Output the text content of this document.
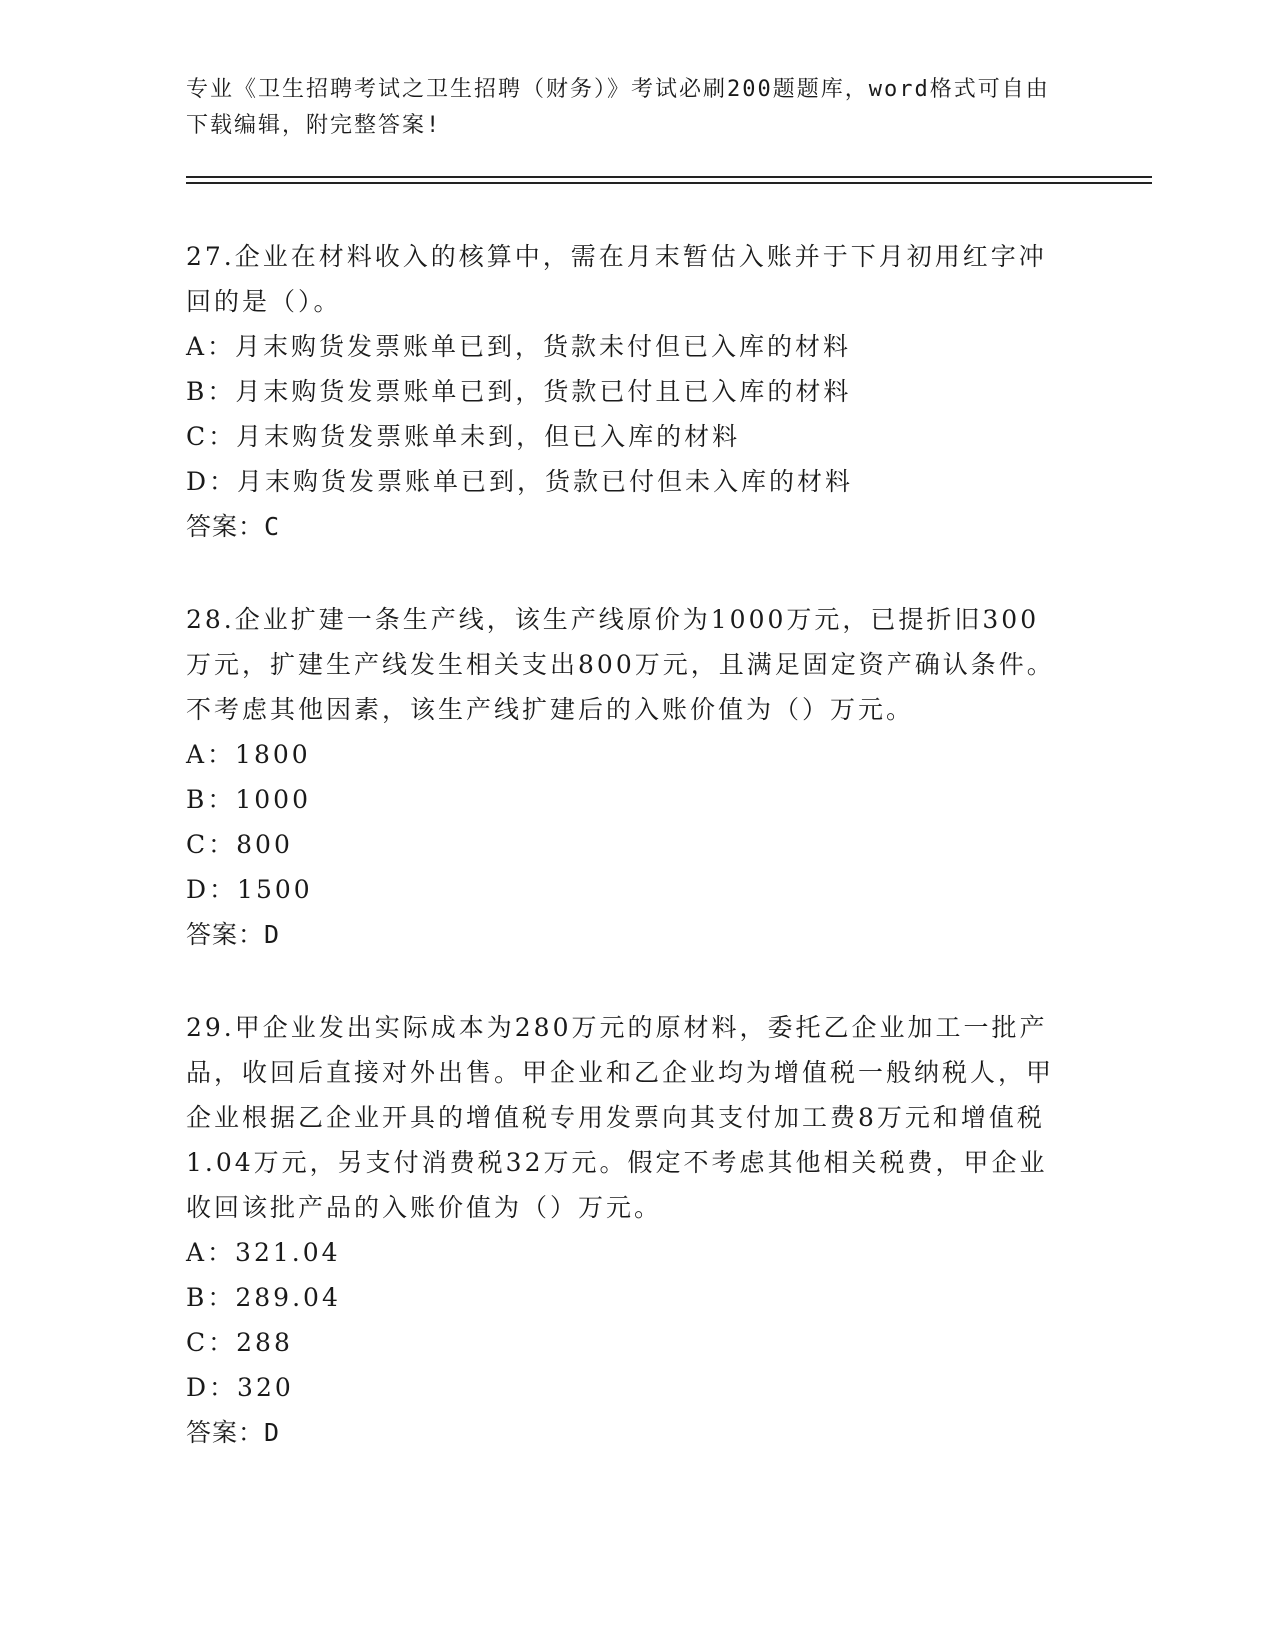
专业《卫生招聘考试之卫生招聘（财务）》考试必刷200题题库，word格式可自由下载编辑，附完整答案!

27.企业在材料收入的核算中，需在月末暂估入账并于下月初用红字冲回的是（）。

A：月末购货发票账单已到，货款未付但已入库的材料
B：月末购货发票账单已到，货款已付且已入库的材料
C：月末购货发票账单未到，但已入库的材料
D：月末购货发票账单已到，货款已付但未入库的材料
答案：C

28.企业扩建一条生产线，该生产线原价为1000万元，已提折旧300万元，扩建生产线发生相关支出800万元，且满足固定资产确认条件。不考虑其他因素，该生产线扩建后的入账价值为（）万元。

A：1800
B：1000
C：800
D：1500
答案：D

29.甲企业发出实际成本为280万元的原材料，委托乙企业加工一批产品，收回后直接对外出售。甲企业和乙企业均为增值税一般纳税人，甲企业根据乙企业开具的增值税专用发票向其支付加工费8万元和增值税1.04万元，另支付消费税32万元。假定不考虑其他相关税费，甲企业收回该批产品的入账价值为（）万元。

A：321.04
B：289.04
C：288
D：320
答案：D
